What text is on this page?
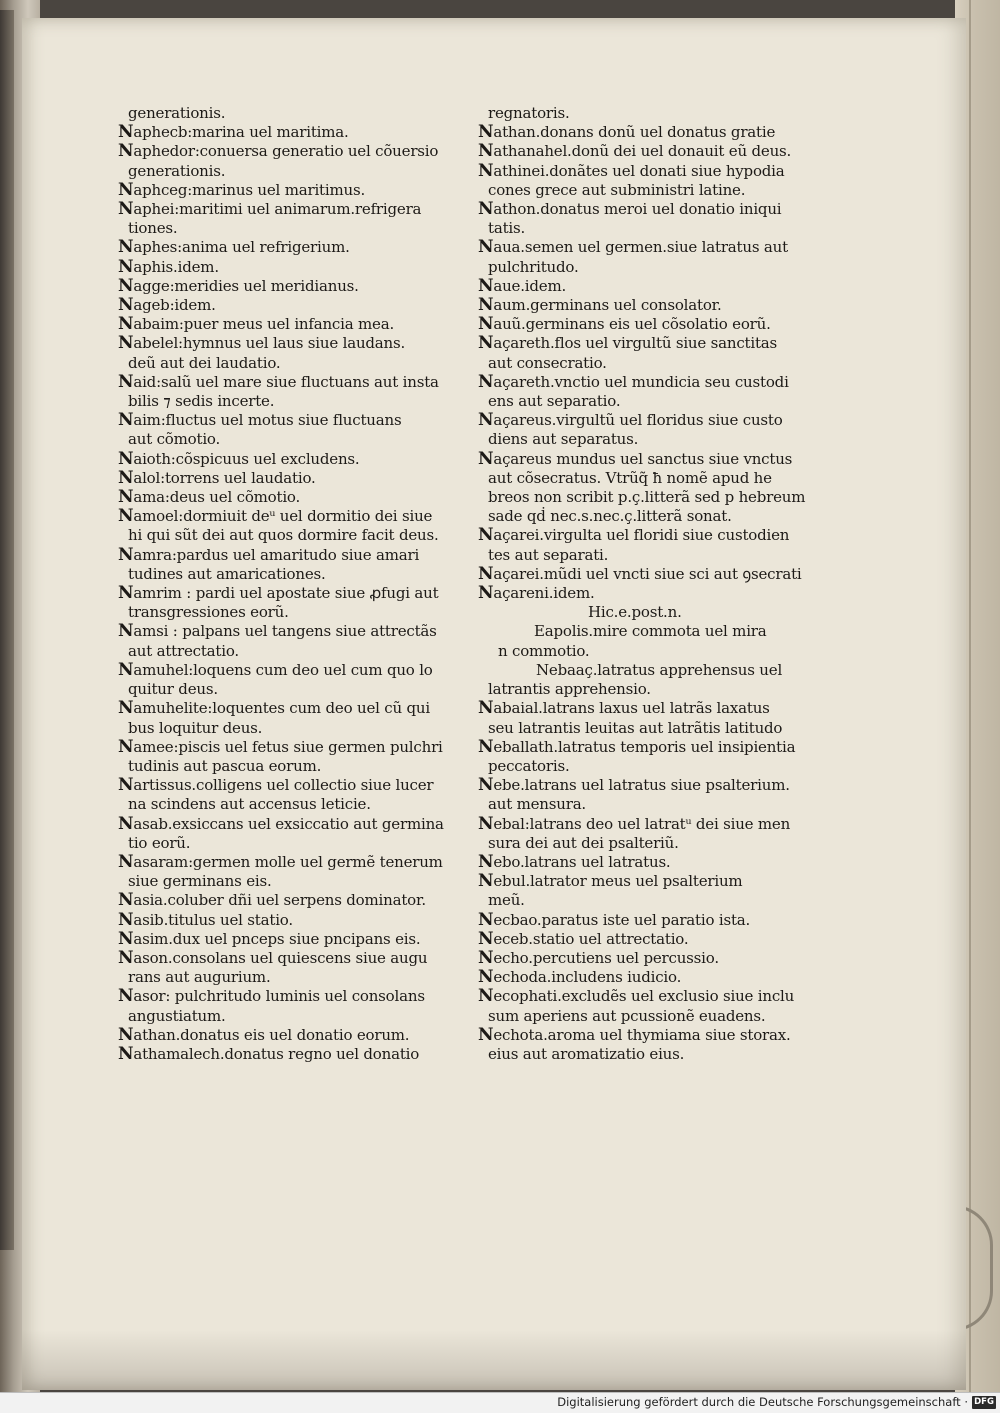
generationis.
Naphecb:marina uel maritima.
Naphedor:conuersa generatio uel cõuersio
generationis.
Naphceg:marinus uel maritimus.
Naphei:maritimi uel animarum.refrigera
tiones.
Naphes:anima uel refrigerium.
Naphis.idem.
Nagge:meridies uel meridianus.
Nageb:idem.
Nabaim:puer meus uel infancia mea.
Nabelel:hymnus uel laus siue laudans.
deũ aut dei laudatio.
Naid:salũ uel mare siue fluctuans aut insta
bilis ⁊ sedis incerte.
Naim:fluctus uel motus siue fluctuans
aut cõmotio.
Naioth:cõspicuus uel excludens.
Nalol:torrens uel laudatio.
Nama:deus uel cõmotio.
Namoel:dormiuit deᵘ uel dormitio dei siue
hi qui sũt dei aut quos dormire facit deus.
Namra:pardus uel amaritudo siue amari
tudines aut amaricationes.
Namrim : pardi uel apostate siue ꝓfugi aut
transgressiones eorũ.
Namsi : palpans uel tangens siue attrectãs
aut attrectatio.
Namuhel:loquens cum deo uel cum quo lo
quitur deus.
Namuhelite:loquentes cum deo uel cũ qui
bus loquitur deus.
Namee:piscis uel fetus siue germen pulchri
tudinis aut pascua eorum.
Nartissus.colligens uel collectio siue lucer
na scindens aut accensus leticie.
Nasab.exsiccans uel exsiccatio aut germina
tio eorũ.
Nasaram:germen molle uel germẽ tenerum
siue germinans eis.
Nasia.coluber dñi uel serpens dominator.
Nasib.titulus uel statio.
Nasim.dux uel pnceps siue pncipans eis.
Nason.consolans uel quiescens siue augu
rans aut augurium.
Nasor: pulchritudo luminis uel consolans
angustiatum.
Nathan.donatus eis uel donatio eorum.
Nathamalech.donatus regno uel donatio
regnatoris.
Nathan.donans donũ uel donatus gratie
Nathanahel.donũ dei uel donauit eũ deus.
Nathinei.donãtes uel donati siue hypodia
cones grece aut subministri latine.
Nathon.donatus meroi uel donatio iniqui
tatis.
Naua.semen uel germen.siue latratus aut
pulchritudo.
Naue.idem.
Naum.germinans uel consolator.
Nauũ.germinans eis uel cõsolatio eorũ.
Naçareth.flos uel virgultũ siue sanctitas
aut consecratio.
Naçareth.vnctio uel mundicia seu custodi
ens aut separatio.
Naçareus.virgultũ uel floridus siue custo
diens aut separatus.
Naçareus mundus uel sanctus siue vnctus
aut cõsecratus. Vtrũq̃ ħ nomẽ apud he
breos non scribit p.ç.litterã sed p hebreum
sade qḋ nec.s.nec.ç.litterã sonat.
Naçarei.virgulta uel floridi siue custodien
tes aut separati.
Naçarei.mũdi uel vncti siue sci aut ꝯsecrati
Naçareni.idem.
Hic.e.post.n.
Eapolis.mire commota uel mira
n commotio.
Nebaaç.latratus apprehensus uel
latrantis apprehensio.
Nabaial.latrans laxus uel latrãs laxatus
seu latrantis leuitas aut latrãtis latitudo
Neballath.latratus temporis uel insipientia
peccatoris.
Nebe.latrans uel latratus siue psalterium.
aut mensura.
Nebal:latrans deo uel latratᵘ dei siue men
sura dei aut dei psalteriũ.
Nebo.latrans uel latratus.
Nebul.latrator meus uel psalterium
meũ.
Necbao.paratus iste uel paratio ista.
Neceb.statio uel attrectatio.
Necho.percutiens uel percussio.
Nechoda.includens iudicio.
Necophati.excludẽs uel exclusio siue inclu
sum aperiens aut pcussionẽ euadens.
Nechota.aroma uel thymiama siue storax.
eius aut aromatizatio eius.
Digitalisierung gefördert durch die Deutsche Forschungsgemeinschaft · DFG
